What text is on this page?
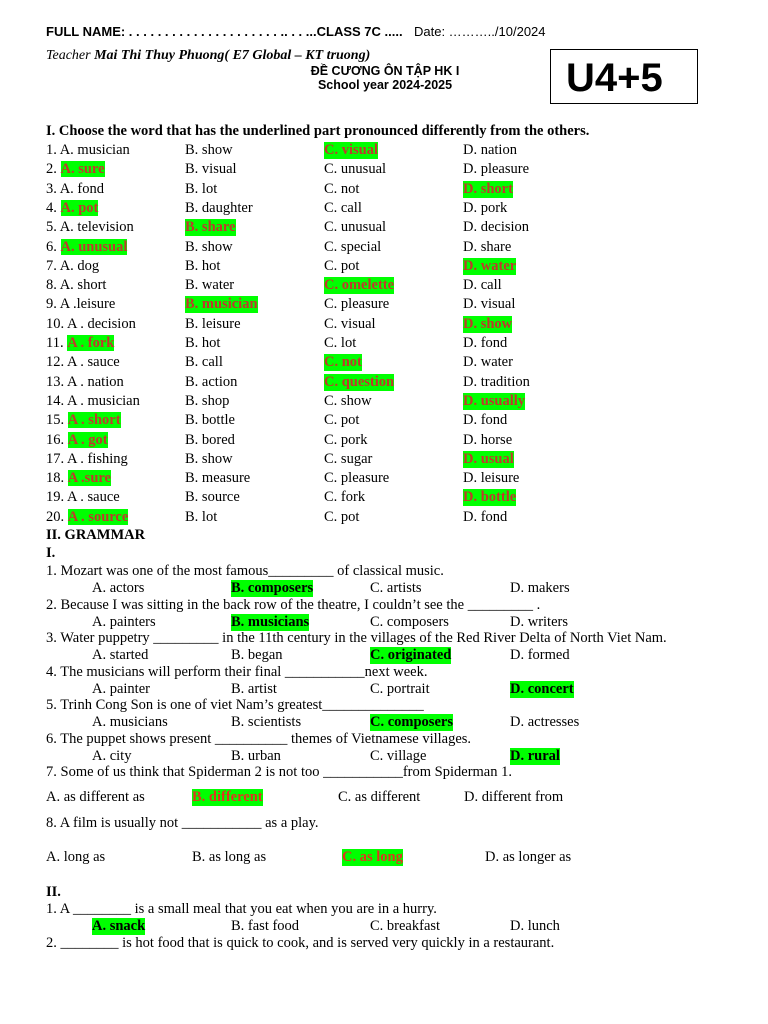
FULL NAME: . . . . . . . . . . . . . . . . . . . . . .. . . ...CLASS 7C ..... Date: ………../10/2024
Teacher Mai Thi Thuy Phuong( E7 Global – KT truong)
ĐỀ CƯƠNG ÔN TẬP HK I
School year 2024-2025	U4+5
I. Choose the word that has the underlined part pronounced differently from the others.
1. A. musician	B. show	C. visual	D. nation
2. A. sure	B. visual	C. unusual	D. pleasure
3. A. fond	B. lot	C. not	D. short
4. A. pot	B. daughter	C. call	D. pork
5. A. television	B. share	C. unusual	D. decision
6. A. unusual	B. show	C. special	D. share
7. A. dog	B. hot	C. pot	D. water
8. A. short	B. water	C. omelette	D. call
9. A .leisure	B. musician	C. pleasure	D. visual
10. A . decision	B. leisure	C. visual	D. show
11. A . fork	B. hot	C. lot	D. fond
12. A . sauce	B. call	C. not	D. water
13. A . nation	B. action	C. question	D. tradition
14. A . musician	B. shop	C. show	D. usually
15. A . short	B. bottle	C. pot	D. fond
16. A . got	B. bored	C. pork	D. horse
17. A . fishing	B. show	C. sugar	D. usual
18. A .sure	B. measure	C. pleasure	D. leisure
19. A . sauce	B. source	C. fork	D. bottle
20. A . source	B. lot	C. pot	D. fond
II. GRAMMAR
I.
1. Mozart was one of the most famous_________ of classical music.
A. actors	B. composers	C. artists	D. makers
2. Because I was sitting in the back row of the theatre, I couldn’t see the _________ .
A. painters	B. musicians	C. composers	D. writers
3. Water puppetry _________ in the 11th century in the villages of the Red River Delta of North Viet Nam.
A. started	B. began	C. originated	D. formed
4. The musicians will perform their final ___________next week.
A. painter	B. artist	C. portrait	D. concert
5. Trinh Cong Son is one of viet Nam’s greatest______________
A. musicians	B. scientists	C. composers	D. actresses
6. The puppet shows present __________ themes of Vietnamese villages.
A. city	B. urban	C. village	D. rural
7. Some of us think that Spiderman 2 is not too ___________from Spiderman 1.
A. as different as	B. different	C. as different	D. different from
8. A film is usually not ___________ as a play.
A. long as	B. as long as	C. as long	D. as longer as
II.
1. A ________ is a small meal that you eat when you are in a hurry.
A. snack	B. fast food	C. breakfast	D. lunch
2. ________ is hot food that is quick to cook, and is served very quickly in a restaurant.
